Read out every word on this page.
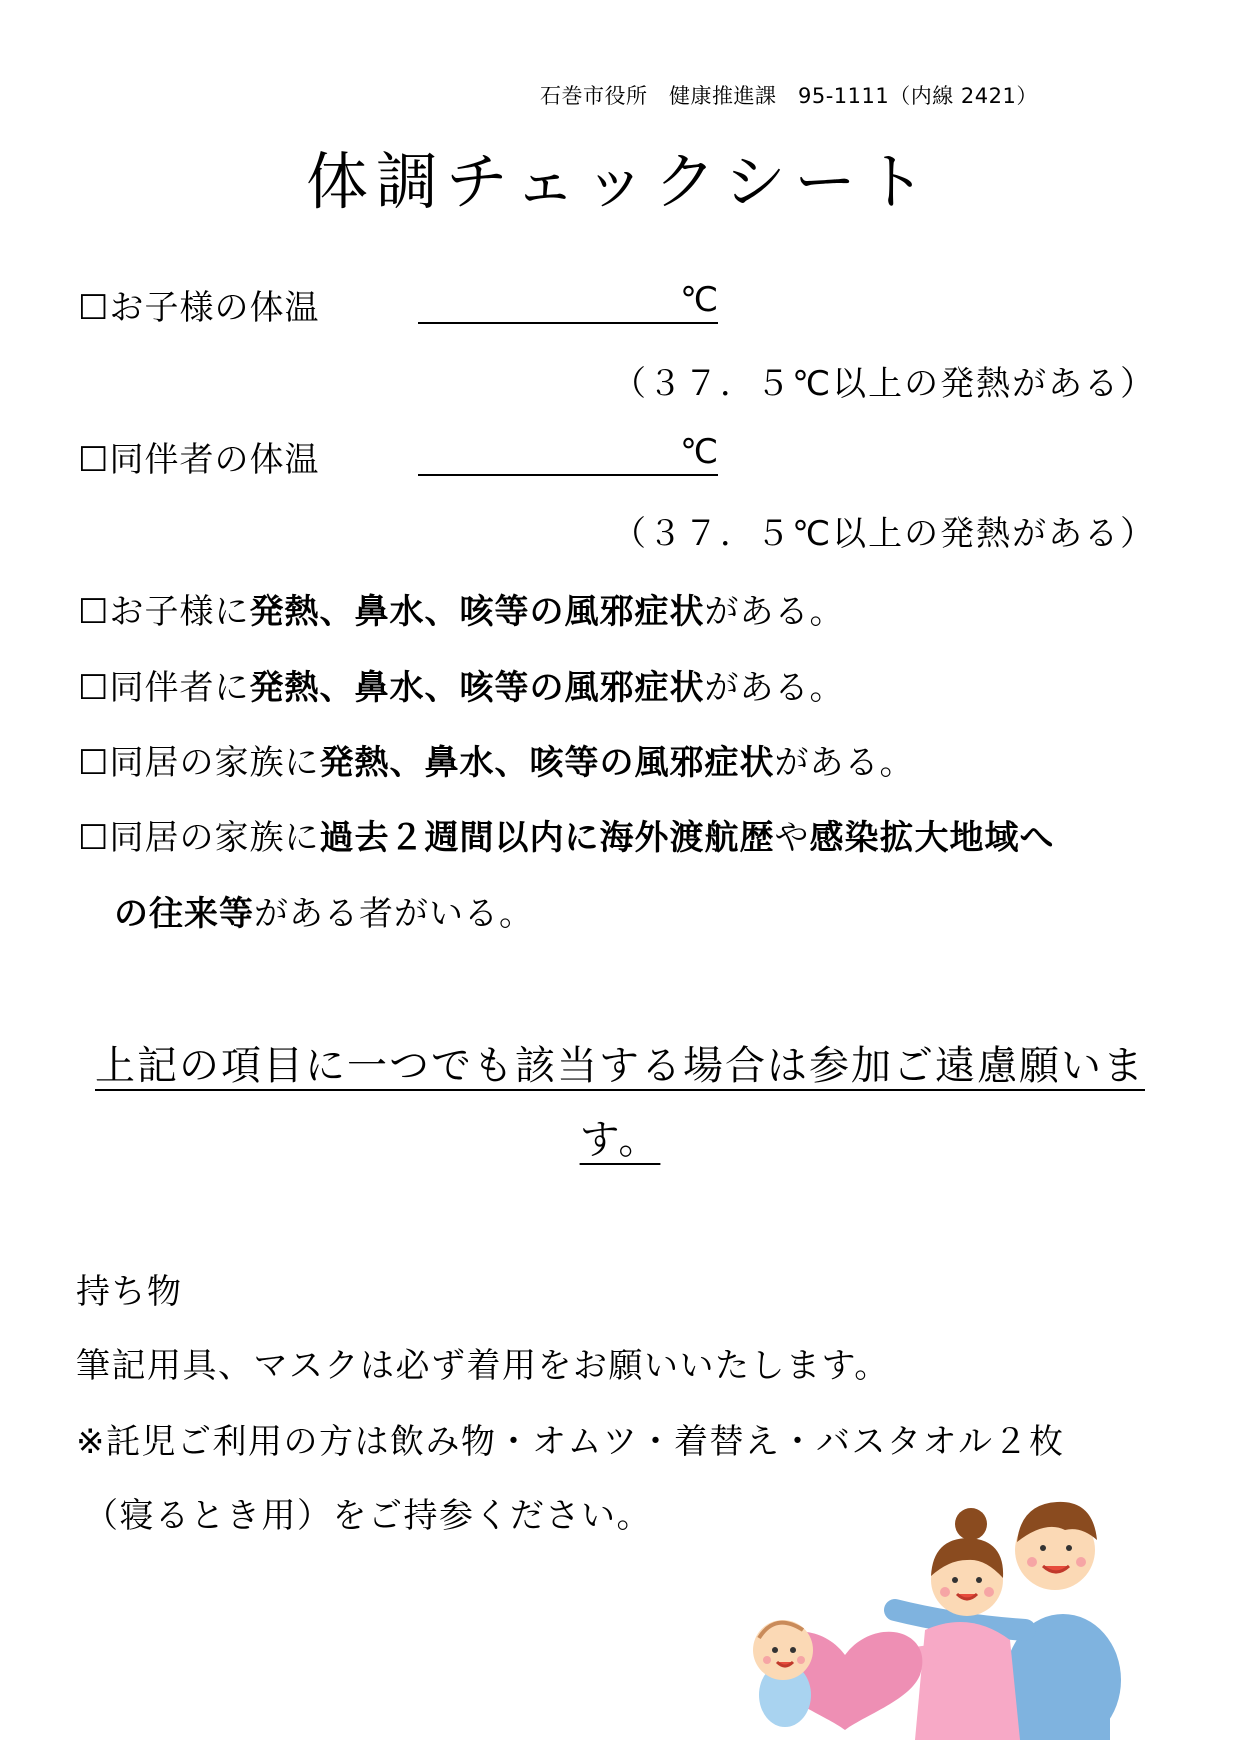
石巻市役所　健康推進課　95-1111（内線 2421）
体調チェックシート
☐お子様の体温	℃
（３７．５℃以上の発熱がある）
☐同伴者の体温	℃
（３７．５℃以上の発熱がある）
☐お子様に発熱、鼻水、咳等の風邪症状がある。
☐同伴者に発熱、鼻水、咳等の風邪症状がある。
☐同居の家族に発熱、鼻水、咳等の風邪症状がある。
☐同居の家族に過去２週間以内に海外渡航歴や感染拡大地域へ
の往来等がある者がいる。
上記の項目に一つでも該当する場合は参加ご遠慮願いま
す。
持ち物
筆記用具、マスクは必ず着用をお願いいたします。
※託児ご利用の方は飲み物・オムツ・着替え・バスタオル２枚
（寝るとき用）をご持参ください。
